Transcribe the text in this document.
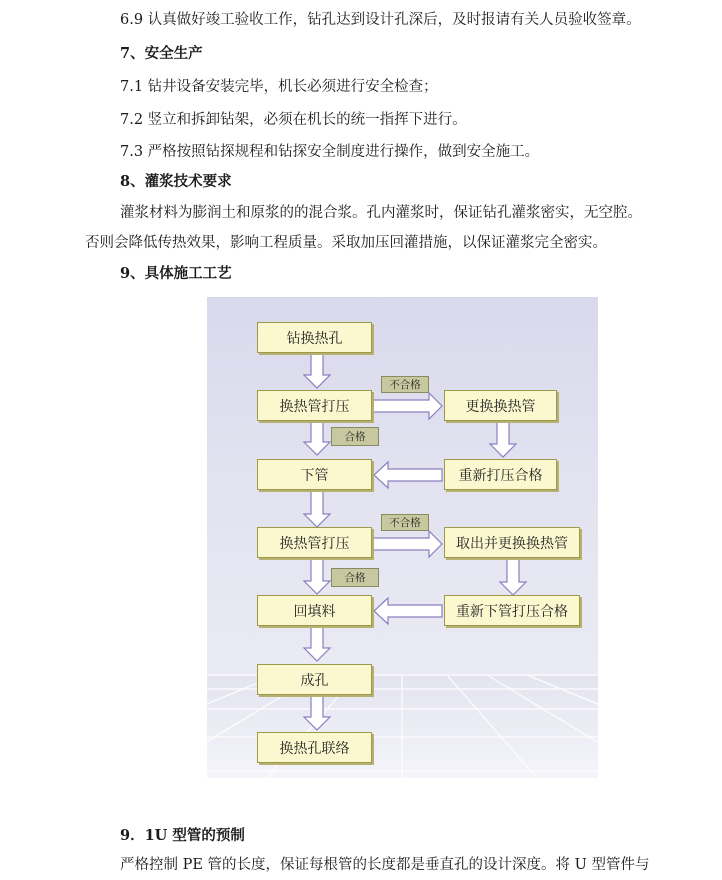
6.9 认真做好竣工验收工作，钻孔达到设计孔深后，及时报请有关人员验收签章。
7、安全生产
7.1 钻井设备安装完毕，机长必须进行安全检查；
7.2 竖立和拆卸钻架，必须在机长的统一指挥下进行。
7.3 严格按照钻探规程和钻探安全制度进行操作，做到安全施工。
8、灌浆技术要求
灌浆材料为膨润土和原浆的的混合浆。孔内灌浆时，保证钻孔灌浆密实，无空腔。
否则会降低传热效果，影响工程质量。采取加压回灌措施，以保证灌浆完全密实。
9、具体施工工艺
钻换热孔
换热管打压	更换换热管
下管	重新打压合格
换热管打压	取出并更换换热管
回填料	重新下管打压合格
成孔
换热孔联络
不合格
合格
不合格
合格
9．1U 型管的预制
严格控制 PE 管的长度，保证每根管的长度都是垂直孔的设计深度。将 U 型管件与
